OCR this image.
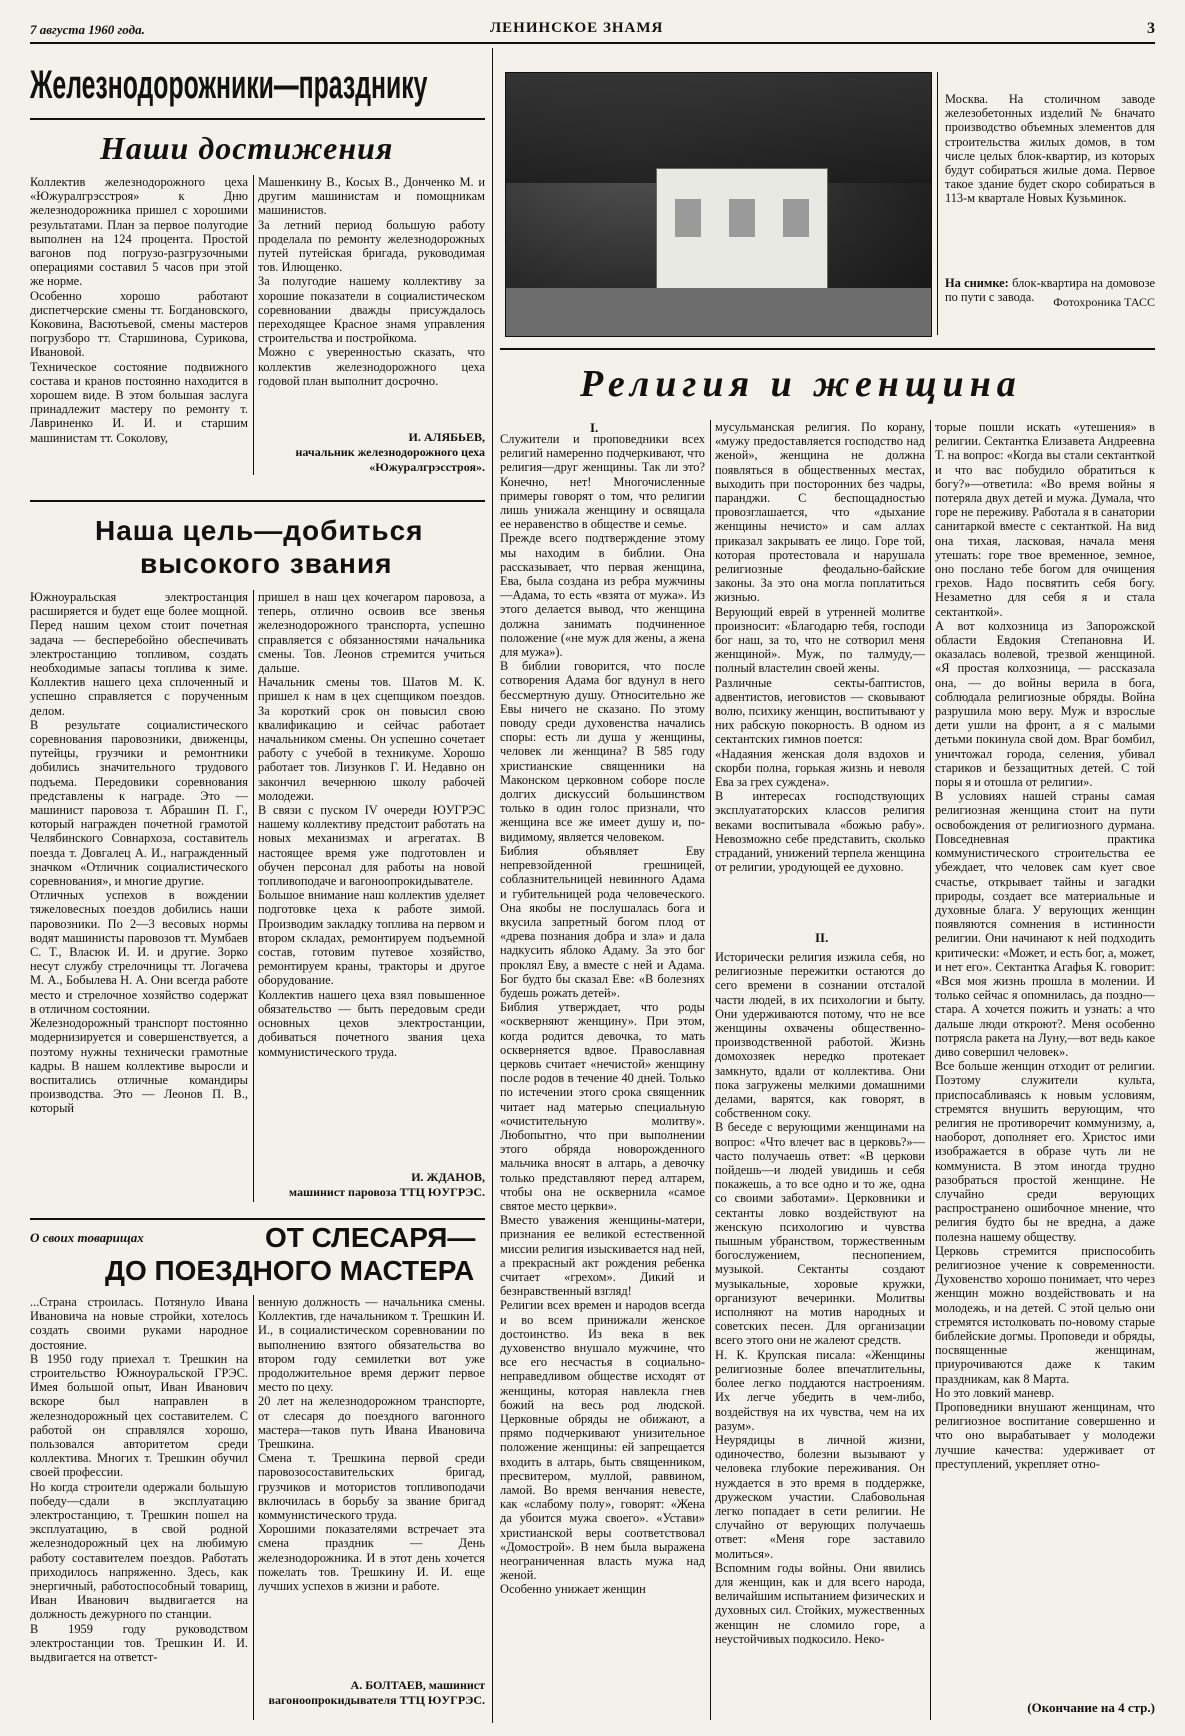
7 августа 1960 года.	ЛЕНИНСКОЕ ЗНАМЯ	3
Железнодорожники—празднику
Наши достижения
Коллектив железнодорожного цеха «Южуралгрэсстроя» к Дню железнодорожника пришел с хорошими результатами. План за первое полугодие выполнен на 124 процента. Простой вагонов под погрузо-разгрузочными операциями составил 5 часов при этой же норме.
Особенно хорошо работают диспетчерские смены тт. Богдановского, Коковина, Васютьевой, смены мастеров погрузборо тт. Старшинова, Сурикова, Ивановой.
Техническое состояние подвижного состава и кранов постоянно находится в хорошем виде. В этом большая заслуга принадлежит мастеру по ремонту т. Лавриненко И. И. и старшим машинистам тт. Соколову,
Машенкину В., Косых В., Донченко М. и другим машинистам и помощникам машинистов.
За летний период большую работу проделала по ремонту железнодорожных путей путейская бригада, руководимая тов. Илющенко.
За полугодие нашему коллективу за хорошие показатели в социалистическом соревновании дважды присуждалось переходящее Красное знамя управления строительства и постройкома.
Можно с уверенностью сказать, что коллектив железнодорожного цеха годовой план выполнит досрочно.
И. АЛЯБЬЕВ,
начальник железнодорожного цеха «Южуралгрэсстроя».
Наша цель—добиться
высокого звания
Южноуральская электростанция расширяется и будет еще более мощной. Перед нашим цехом стоит почетная задача — бесперебойно обеспечивать электростанцию топливом, создать необходимые запасы топлива к зиме. Коллектив нашего цеха сплоченный и успешно справляется с порученным делом.
В результате социалистического соревнования паровозники, движенцы, путейцы, грузчики и ремонтники добились значительного трудового подъема. Передовики соревнования представлены к награде. Это — машинист паровоза т. Абрашин П. Г., который награжден почетной грамотой Челябинского Совнархоза, составитель поезда т. Довгалец А. И., награжденный значком «Отличник социалистического соревнования», и многие другие.
Отличных успехов в вождении тяжеловесных поездов добились наши паровозники. По 2—3 весовых нормы водят машинисты паровозов тт. Мумбаев С. Т., Власюк И. И. и другие. Зорко несут службу стрелочницы тт. Логачева М. А., Бобылева Н. А. Они всегда работе место и стрелочное хозяйство содержат в отличном состоянии.
Железнодорожный транспорт постоянно модернизируется и совершенствуется, а поэтому нужны технически грамотные кадры. В нашем коллективе выросли и воспитались отличные командиры производства. Это — Леонов П. В., который
пришел в наш цех кочегаром паровоза, а теперь, отлично освоив все звенья железнодорожного транспорта, успешно справляется с обязанностями начальника смены. Тов. Леонов стремится учиться дальше.
Начальник смены тов. Шатов М. К. пришел к нам в цех сцепщиком поездов. За короткий срок он повысил свою квалификацию и сейчас работает начальником смены. Он успешно сочетает работу с учебой в техникуме. Хорошо работает тов. Лизунков Г. И. Недавно он закончил вечернюю школу рабочей молодежи.
В связи с пуском IV очереди ЮУГРЭС нашему коллективу предстоит работать на новых механизмах и агрегатах. В настоящее время уже подготовлен и обучен персонал для работы на новой топливоподаче и вагоноопрокидывателе.
Большое внимание наш коллектив уделяет подготовке цеха к работе зимой. Производим закладку топлива на первом и втором складах, ремонтируем подъемной состав, готовим путевое хозяйство, ремонтируем краны, тракторы и другое оборудование.
Коллектив нашего цеха взял повышенное обязательство — быть передовым среди основных цехов электростанции, добиваться почетного звания цеха коммунистического труда.
И. ЖДАНОВ,
машинист паровоза ТТЦ ЮУГРЭС.
О своих товарищах	ОТ СЛЕСАРЯ—
ДО ПОЕЗДНОГО МАСТЕРА
...Страна строилась. Потянуло Ивана Ивановича на новые стройки, хотелось создать своими руками народное достояние.
В 1950 году приехал т. Трешкин на строительство Южноуральской ГРЭС. Имея большой опыт, Иван Иванович вскоре был направлен в железнодорожный цех составителем. С работой он справлялся хорошо, пользовался авторитетом среди коллектива. Многих т. Трешкин обучил своей профессии.
Но когда строители одержали большую победу—сдали в эксплуатацию электростанцию, т. Трешкин пошел на эксплуатацию, в свой родной железнодорожный цех на любимую работу составителем поездов. Работать приходилось напряженно. Здесь, как энергичный, работоспособный товарищ, Иван Иванович выдвигается на должность дежурного по станции.
В 1959 году руководством электростанции тов. Трешкин И. И. выдвигается на ответст-
венную должность — начальника смены. Коллектив, где начальником т. Трешкин И. И., в социалистическом соревновании по выполнению взятого обязательства во втором году семилетки вот уже продолжительное время держит первое место по цеху.
20 лет на железнодорожном транспорте, от слесаря до поездного вагонного мастера—таков путь Ивана Ивановича Трешкина.
Смена т. Трешкина первой среди паровозосоставительских бригад, грузчиков и мотористов топливоподачи включилась в борьбу за звание бригад коммунистического труда.
Хорошими показателями встречает эта смена праздник — День железнодорожника. И в этот день хочется пожелать тов. Трешкину И. И. еще лучших успехов в жизни и работе.
А. БОЛТАЕВ, машинист вагоноопрокидывателя ТТЦ ЮУГРЭС.
Москва. На столичном заводе железобетонных изделий № 6начато производство объемных элементов для строительства жилых домов, в том числе целых блок-квартир, из которых будут собираться жилые дома. Первое такое здание будет скоро собираться в 113-м квартале Новых Кузьминок.

На снимке: блок-квартира на домовозе по пути с завода.	Фотохроника ТАСС
Религия и женщина
I.
Служители и проповедники всех религий намеренно подчеркивают, что религия—друг женщины. Так ли это? Конечно, нет! Многочисленные примеры говорят о том, что религии лишь унижала женщину и освящала ее неравенство в обществе и семье.
Прежде всего подтверждение этому мы находим в библии. Она рассказывает, что первая женщина, Ева, была создана из ребра мужчины—Адама, то есть «взята от мужа». Из этого делается вывод, что женщина должна занимать подчиненное положение («не муж для жены, а жена для мужа»).
В библии говорится, что после сотворения Адама бог вдунул в него бессмертную душу. Относительно же Евы ничего не сказано. По этому поводу среди духовенства начались споры: есть ли душа у женщины, человек ли женщина? В 585 году христианские священники на Маконском церковном соборе после долгих дискуссий большинством только в один голос признали, что женщина все же имеет душу и, по-видимому, является человеком.
Библия объявляет Еву непревзойденной грешницей, соблазнительницей невинного Адама и губительницей рода человеческого. Она якобы не послушалась бога и вкусила запретный богом плод от «древа познания добра и зла» и дала надкусить яблоко Адаму. За это бог проклял Еву, а вместе с ней и Адама. Бог будто бы сказал Еве: «В болезнях будешь рожать детей».
Библия утверждает, что роды «оскверняют женщину». При этом, когда родится девочка, то мать оскверняется вдвое. Православная церковь считает «нечистой» женщину после родов в течение 40 дней. Только по истечении этого срока священник читает над матерью специальную «очистительную молитву». Любопытно, что при выполнении этого обряда новорожденного мальчика вносят в алтарь, а девочку только представляют перед алтарем, чтобы она не осквернила «самое святое место церкви».
Вместо уважения женщины-матери, признания ее великой естественной миссии религия изыскивается над ней, а прекрасный акт рождения ребенка считает «грехом». Дикий и безнравственный взгляд!
Религии всех времен и народов всегда и во всем принижали женское достоинство. Из века в век духовенство внушало мужчине, что все его несчастья в социально-неправедливом обществе исходят от женщины, которая навлекла гнев божий на весь род людской. Церковные обряды не обижают, а прямо подчеркивают унизительное положение женщины: ей запрещается входить в алтарь, быть священником, пресвитером, муллой, раввином, ламой. Во время венчания невесте, как «слабому полу», говорят: «Жена да убоится мужа своего». «Устави» христианской веры соответствовал «Домострой». В нем была выражена неограниченная власть мужа над женой.
Особенно унижает женщин
мусульманская религия. По корану, «мужу предоставляется господство над женой», женщина не должна появляться в общественных местах, выходить при посторонних без чадры, паранджи. С беспощадностью провозглашается, что «дыхание женщины нечисто» и сам аллах приказал закрывать ее лицо. Горе той, которая протестовала и нарушала религиозные феодально-байские законы. За это она могла поплатиться жизнью.
Верующий еврей в утренней молитве произносит: «Благодарю тебя, господи бог наш, за то, что не сотворил меня женщиной». Муж, по талмуду,—полный властелин своей жены.
Различные секты-баптистов, адвентистов, иеговистов — сковывают волю, психику женщин, воспитывают у них рабскую покорность. В одном из сектантских гимнов поется:
«Надаяния женская доля вздохов и скорби полна, горькая жизнь и неволя Ева за грех суждена».
В интересах господствующих эксплуататорских классов религия веками воспитывала «божью рабу». Невозможно себе представить, сколько страданий, унижений терпела женщина от религии, уродующей ее духовно.
II.
Исторически религия изжила себя, но религиозные пережитки остаются до сего времени в сознании отсталой части людей, в их психологии и быту. Они удерживаются потому, что не все женщины охвачены общественно-производственной работой. Жизнь домохозяек нередко протекает замкнуто, вдали от коллектива. Они пока загружены мелкими домашними делами, варятся, как говорят, в собственном соку.
В беседе с верующими женщинами на вопрос: «Что влечет вас в церковь?»—часто получаешь ответ: «В церкови пойдешь—и людей увидишь и себя покажешь, а то все одно и то же, одна со своими заботами». Церковники и сектанты ловко воздействуют на женскую психологию и чувства пышным убранством, торжественным богослужением, песнопением, музыкой. Сектанты создают музыкальные, хоровые кружки, организуют вечеринки. Молитвы исполняют на мотив народных и советских песен. Для организации всего этого они не жалеют средств.
Н. К. Крупская писала: «Женщины религиозные более впечатлительны, более легко поддаются настроениям. Их легче убедить в чем-либо, воздействуя на их чувства, чем на их разум».
Неурядицы в личной жизни, одиночество, болезни вызывают у человека глубокие переживания. Он нуждается в это время в поддержке, дружеском участии. Слабовольная легко попадает в сети религии. Не случайно от верующих получаешь ответ: «Меня горе заставило молиться».
Вспомним годы войны. Они явились для женщин, как и для всего народа, величайшим испытанием физических и духовных сил. Стойких, мужественных женщин не сломило горе, а неустойчивых подкосило. Неко-
торые пошли искать «утешения» в религии. Сектантка Елизавета Андреевна Т. на вопрос: «Когда вы стали сектанткой и что вас побудило обратиться к богу?»—ответила: «Во время войны я потеряла двух детей и мужа. Думала, что горе не переживу. Работала я в санатории санитаркой вместе с сектанткой. На вид она тихая, ласковая, начала меня утешать: горе твое временное, земное, оно послано тебе богом для очищения грехов. Надо посвятить себя богу. Незаметно для себя я и стала сектанткой».
А вот колхозница из Запорожской области Евдокия Степановна И. оказалась волевой, трезвой женщиной. «Я простая колхозница, — рассказала она, — до войны верила в бога, соблюдала религиозные обряды. Война разрушила мою веру. Муж и взрослые дети ушли на фронт, а я с малыми детьми покинула свой дом. Враг бомбил, уничтожал города, селения, убивал стариков и беззащитных детей. С той поры я и отошла от религии».
В условиях нашей страны самая религиозная женщина стоит на пути освобождения от религиозного дурмана. Повседневная практика коммунистического строительства ее убеждает, что человек сам кует свое счастье, открывает тайны и загадки природы, создает все материальные и духовные блага. У верующих женщин появляются сомнения в истинности религии. Они начинают к ней подходить критически: «Может, и есть бог, а, может, и нет его». Сектантка Агафья К. говорит: «Вся моя жизнь прошла в молении. И только сейчас я опомнилась, да поздно—стара. А хочется пожить и узнать: а что дальше люди откроют?. Меня особенно потрясла ракета на Луну,—вот ведь какое диво совершил человек».
Все больше женщин отходит от религии. Поэтому служители культа, приспосабливаясь к новым условиям, стремятся внушить верующим, что религия не противоречит коммунизму, а, наоборот, дополняет его. Христос ими изображается в образе чуть ли не коммуниста. В этом иногда трудно разобраться простой женщине. Не случайно среди верующих распространено ошибочное мнение, что религия будто бы не вредна, а даже полезна нашему обществу.
Церковь стремится приспособить религиозное учение к современности. Духовенство хорошо понимает, что через женщин можно воздействовать и на молодежь, и на детей. С этой целью они стремятся истолковать по-новому старые библейские догмы. Проповеди и обряды, посвященные женщинам, приурочиваются даже к таким праздникам, как 8 Марта.
Но это ловкий маневр.
Проповедники внушают женщинам, что религиозное воспитание совершенно и что оно вырабатывает у молодежи лучшие качества: удерживает от преступлений, укрепляет отно-
(Окончание на 4 стр.)
